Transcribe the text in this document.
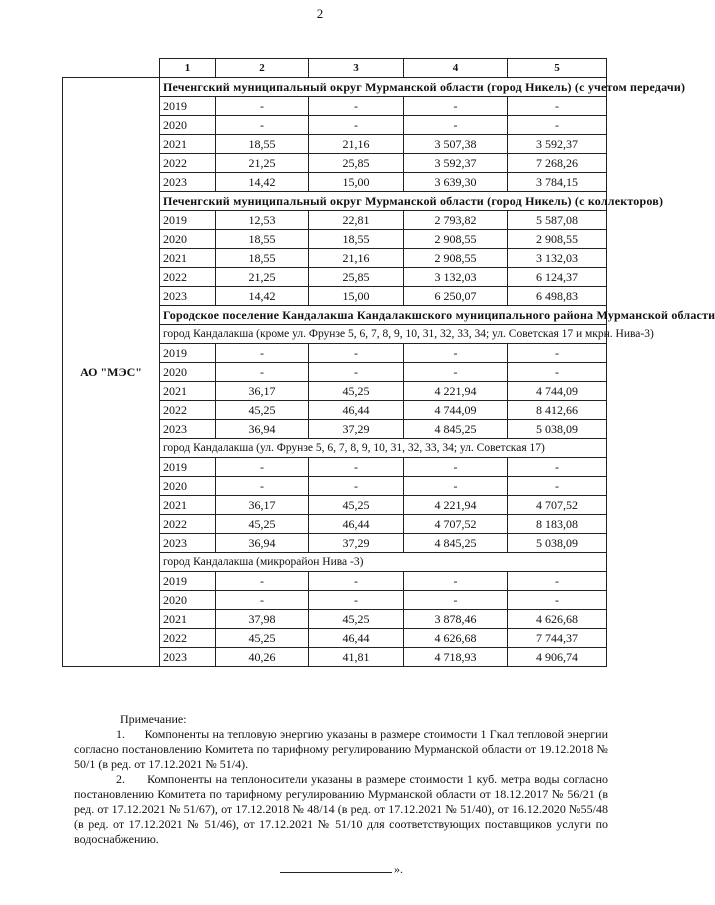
2
	1	2	3	4	5
АО "МЭС"	Печенгский муниципальный округ Мурманской области (город Никель) (с учетом передачи)				
	2019	-	-	-	-
	2020	-	-	-	-
	2021	18,55	21,16	3 507,38	3 592,37
	2022	21,25	25,85	3 592,37	7 268,26
	2023	14,42	15,00	3 639,30	3 784,15
	Печенгский муниципальный округ Мурманской области (город Никель) (с коллекторов)				
	2019	12,53	22,81	2 793,82	5 587,08
	2020	18,55	18,55	2 908,55	2 908,55
	2021	18,55	21,16	2 908,55	3 132,03
	2022	21,25	25,85	3 132,03	6 124,37
	2023	14,42	15,00	6 250,07	6 498,83
	Городское поселение Кандалакша Кандалакшского муниципального района Мурманской области				
	город Кандалакша (кроме ул. Фрунзе 5, 6, 7, 8, 9, 10, 31, 32, 33, 34; ул. Советская 17 и мкрн. Нива-3)				
	2019	-	-	-	-
	2020	-	-	-	-
	2021	36,17	45,25	4 221,94	4 744,09
	2022	45,25	46,44	4 744,09	8 412,66
	2023	36,94	37,29	4 845,25	5 038,09
	город Кандалакша (ул. Фрунзе 5, 6, 7, 8, 9, 10, 31, 32, 33, 34; ул. Советская 17)				
	2019	-	-	-	-
	2020	-	-	-	-
	2021	36,17	45,25	4 221,94	4 707,52
	2022	45,25	46,44	4 707,52	8 183,08
	2023	36,94	37,29	4 845,25	5 038,09
	город Кандалакша (микрорайон Нива -3)				
	2019	-	-	-	-
	2020	-	-	-	-
	2021	37,98	45,25	3 878,46	4 626,68
	2022	45,25	46,44	4 626,68	7 744,37
	2023	40,26	41,81	4 718,93	4 906,74

Примечание:

1.      Компоненты на тепловую энергию указаны в размере стоимости 1 Гкал тепловой энергии согласно постановлению Комитета по тарифному регулированию Мурманской области от 19.12.2018 № 50/1 (в ред. от 17.12.2021 № 51/4).

2.      Компоненты на теплоносители указаны в размере стоимости 1 куб. метра воды согласно постановлению Комитета по тарифному регулированию Мурманской области от 18.12.2017 № 56/21 (в ред. от 17.12.2021 № 51/67), от 17.12.2018 № 48/14 (в ред. от 17.12.2021 № 51/40), от 16.12.2020 №55/48 (в ред. от 17.12.2021 № 51/46), от 17.12.2021 № 51/10 для соответствующих поставщиков услуги по водоснабжению.

».
